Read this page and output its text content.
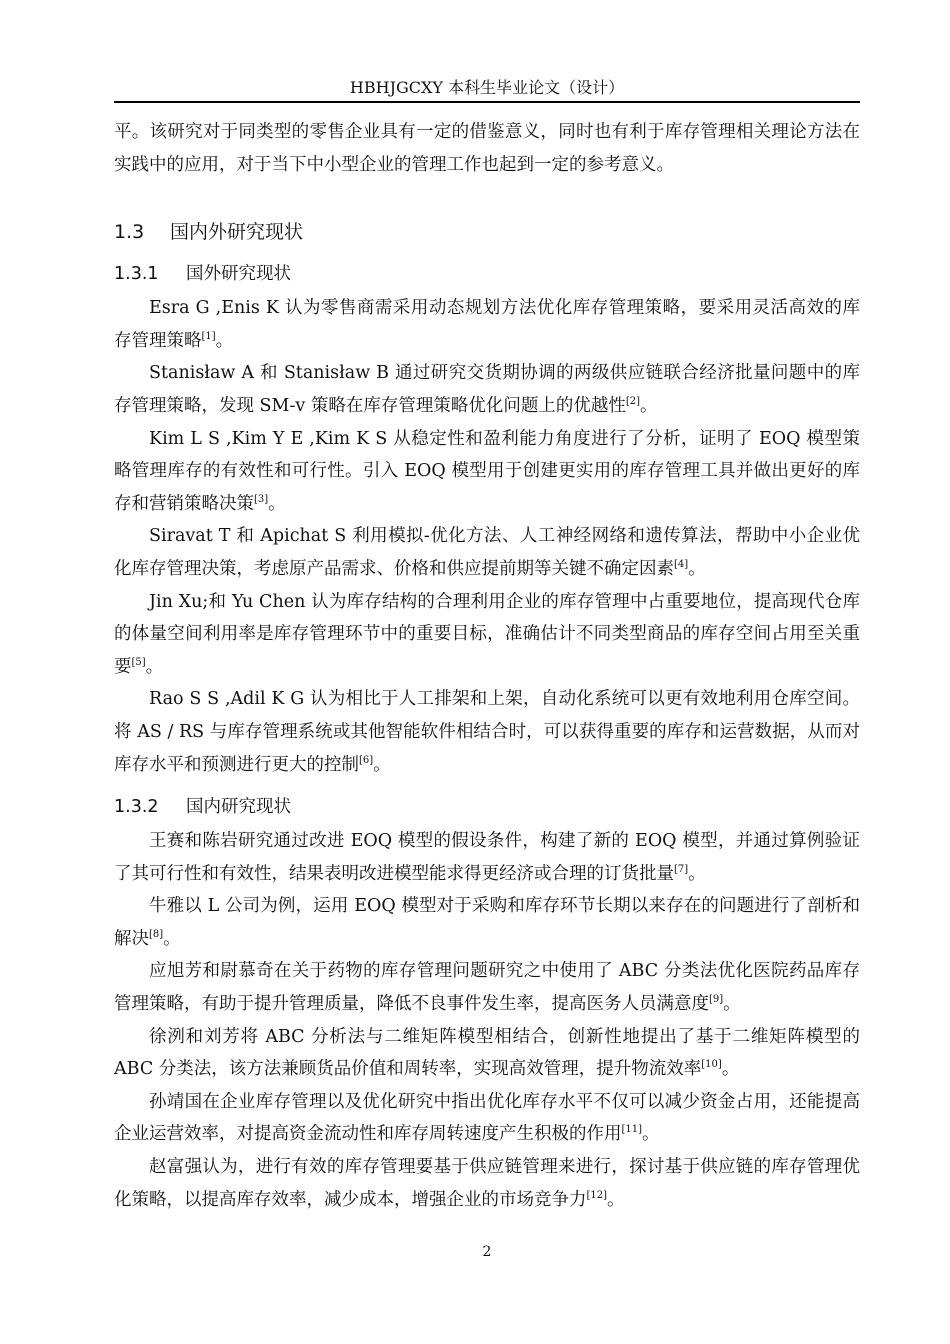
HBHJGCXY 本科生毕业论文（设计）

平。该研究对于同类型的零售企业具有一定的借鉴意义，同时也有利于库存管理相关理论方法在实践中的应用，对于当下中小型企业的管理工作也起到一定的参考意义。

1.3 国内外研究现状
1.3.1 国外研究现状

Esra G ,Enis K 认为零售商需采用动态规划方法优化库存管理策略，要采用灵活高效的库存管理策略[1]。

Stanisław A 和 Stanisław B 通过研究交货期协调的两级供应链联合经济批量问题中的库存管理策略，发现 SM-v 策略在库存管理策略优化问题上的优越性[2]。

Kim L S ,Kim Y E ,Kim K S 从稳定性和盈利能力角度进行了分析，证明了 EOQ 模型策略管理库存的有效性和可行性。引入 EOQ 模型用于创建更实用的库存管理工具并做出更好的库存和营销策略决策[3]。

Siravat T 和 Apichat S 利用模拟-优化方法、人工神经网络和遗传算法，帮助中小企业优化库存管理决策，考虑原产品需求、价格和供应提前期等关键不确定因素[4]。

Jin Xu;和 Yu Chen 认为库存结构的合理利用企业的库存管理中占重要地位，提高现代仓库的体量空间利用率是库存管理环节中的重要目标，准确估计不同类型商品的库存空间占用至关重要[5]。

Rao S S ,Adil K G 认为相比于人工排架和上架，自动化系统可以更有效地利用仓库空间。 将 AS / RS 与库存管理系统或其他智能软件相结合时，可以获得重要的库存和运营数据，从而对库存水平和预测进行更大的控制[6]。

1.3.2 国内研究现状

王赛和陈岩研究通过改进 EOQ 模型的假设条件，构建了新的 EOQ 模型，并通过算例验证了其可行性和有效性，结果表明改进模型能求得更经济或合理的订货批量[7]。

牛雅以 L 公司为例，运用 EOQ 模型对于采购和库存环节长期以来存在的问题进行了剖析和解决[8]。

应旭芳和尉慕奇在关于药物的库存管理问题研究之中使用了 ABC 分类法优化医院药品库存管理策略，有助于提升管理质量，降低不良事件发生率，提高医务人员满意度[9]。

徐洌和刘芳将 ABC 分析法与二维矩阵模型相结合，创新性地提出了基于二维矩阵模型的 ABC 分类法，该方法兼顾货品价值和周转率，实现高效管理，提升物流效率[10]。

孙靖国在企业库存管理以及优化研究中指出优化库存水平不仅可以减少资金占用，还能提高企业运营效率，对提高资金流动性和库存周转速度产生积极的作用[11]。

赵富强认为，进行有效的库存管理要基于供应链管理来进行，探讨基于供应链的库存管理优化策略，以提高库存效率，减少成本，增强企业的市场竞争力[12]。

2
